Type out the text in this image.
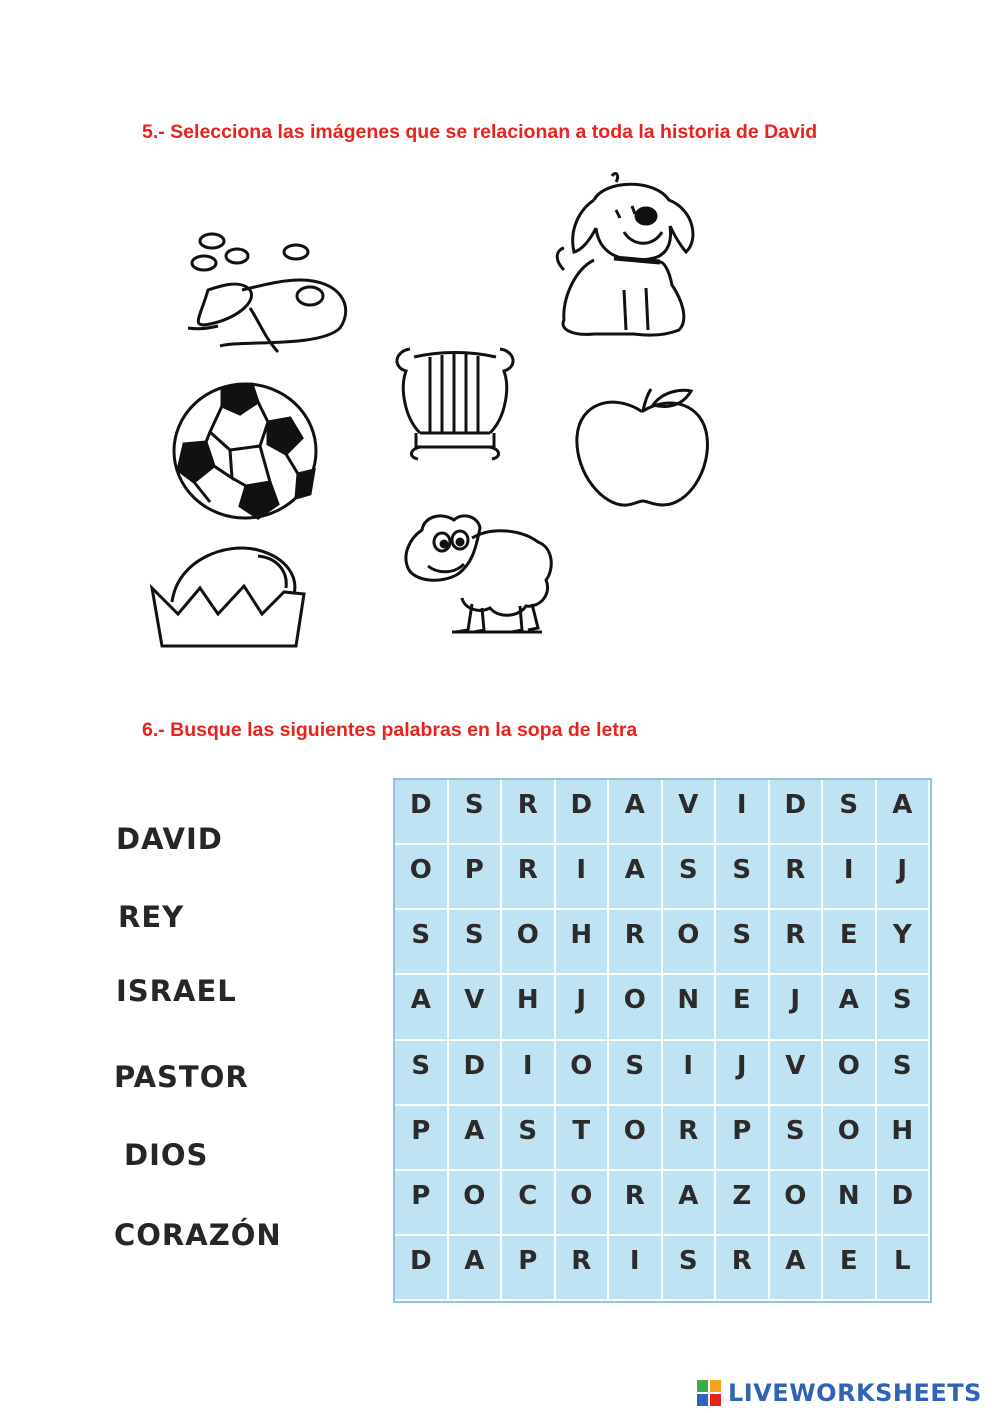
5.- Selecciona las imágenes que se relacionan a toda la historia de David
6.- Busque las siguientes palabras en la sopa de letra
DAVID
REY
ISRAEL
PASTOR
DIOS
CORAZÓN
D	S	R	D	A	V	I	D	S	A
O	P	R	I	A	S	S	R	I	J
S	S	O	H	R	O	S	R	E	Y
A	V	H	J	O	N	E	J	A	S
S	D	I	O	S	I	J	V	O	S
P	A	S	T	O	R	P	S	O	H
P	O	C	O	R	A	Z	O	N	D
D	A	P	R	I	S	R	A	E	L
LIVEWORKSHEETS
